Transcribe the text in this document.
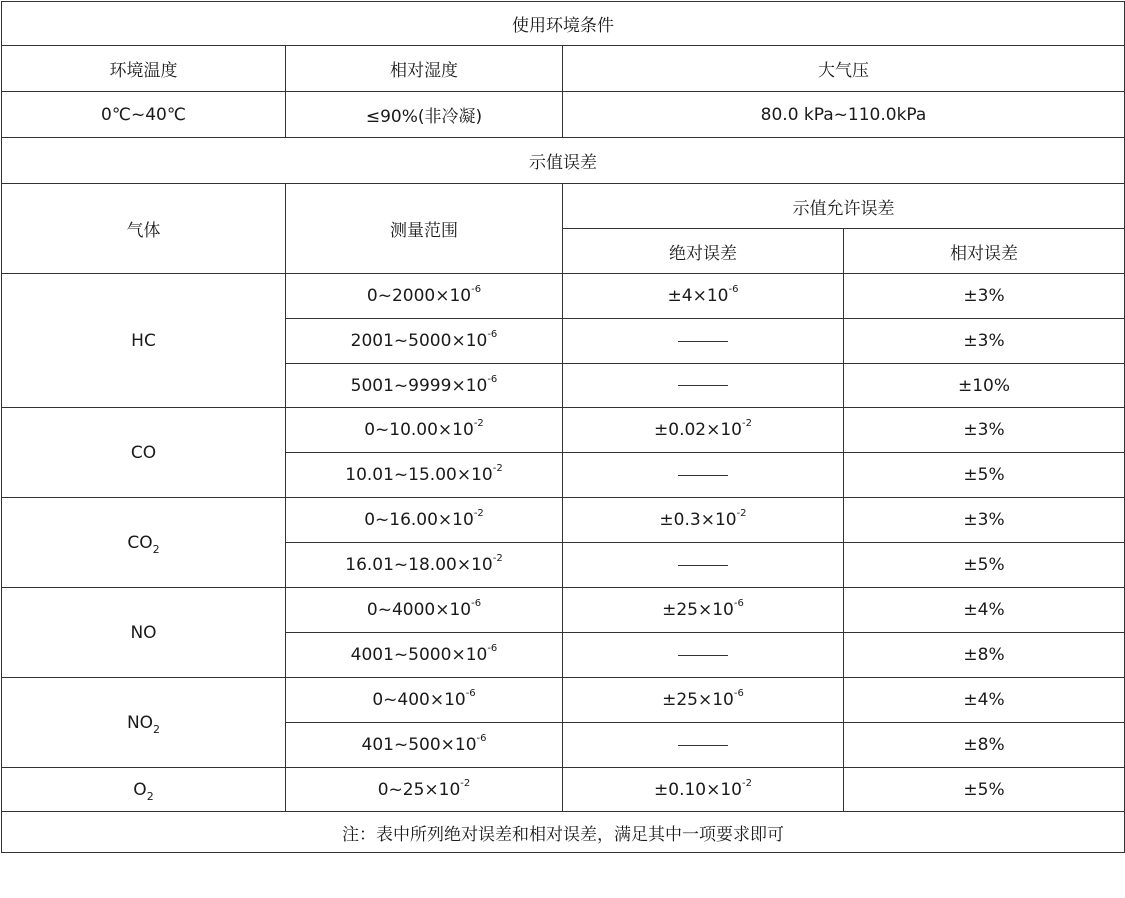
使用环境条件			
环境温度	相对湿度	大气压	
0℃~40℃	≤90%(非冷凝)	80.0 kPa~110.0kPa	
示值误差			
气体	测量范围	示值允许误差	
		绝对误差	相对误差
HC	$0\sim 2000\times 10^{-6}$	$\pm 4\times 10^{-6}$	±3%
	$2001\sim 5000\times 10^{-6}$		±3%
	$5001\sim 9999\times 10^{-6}$		±10%
CO	$0\sim 10.00\times 10^{-2}$	$\pm 0.02\times 10^{-2}$	±3%
	$10.01\sim 15.00\times 10^{-2}$		±5%
$CO_2$	$0\sim 16.00\times 10^{-2}$	$\pm 0.3\times 10^{-2}$	±3%
	$16.01\sim 18.00\times 10^{-2}$		±5%
NO	$0\sim 4000\times 10^{-6}$	$\pm 25\times 10^{-6}$	±4%
	$4001\sim 5000\times 10^{-6}$		±8%
$NO_2$	$0\sim 400\times 10^{-6}$	$\pm 25\times 10^{-6}$	±4%
	$401\sim 500\times 10^{-6}$		±8%
$O_2$	$0\sim 25\times 10^{-2}$	$\pm 0.10\times 10^{-2}$	±5%
注：表中所列绝对误差和相对误差，满足其中一项要求即可			
